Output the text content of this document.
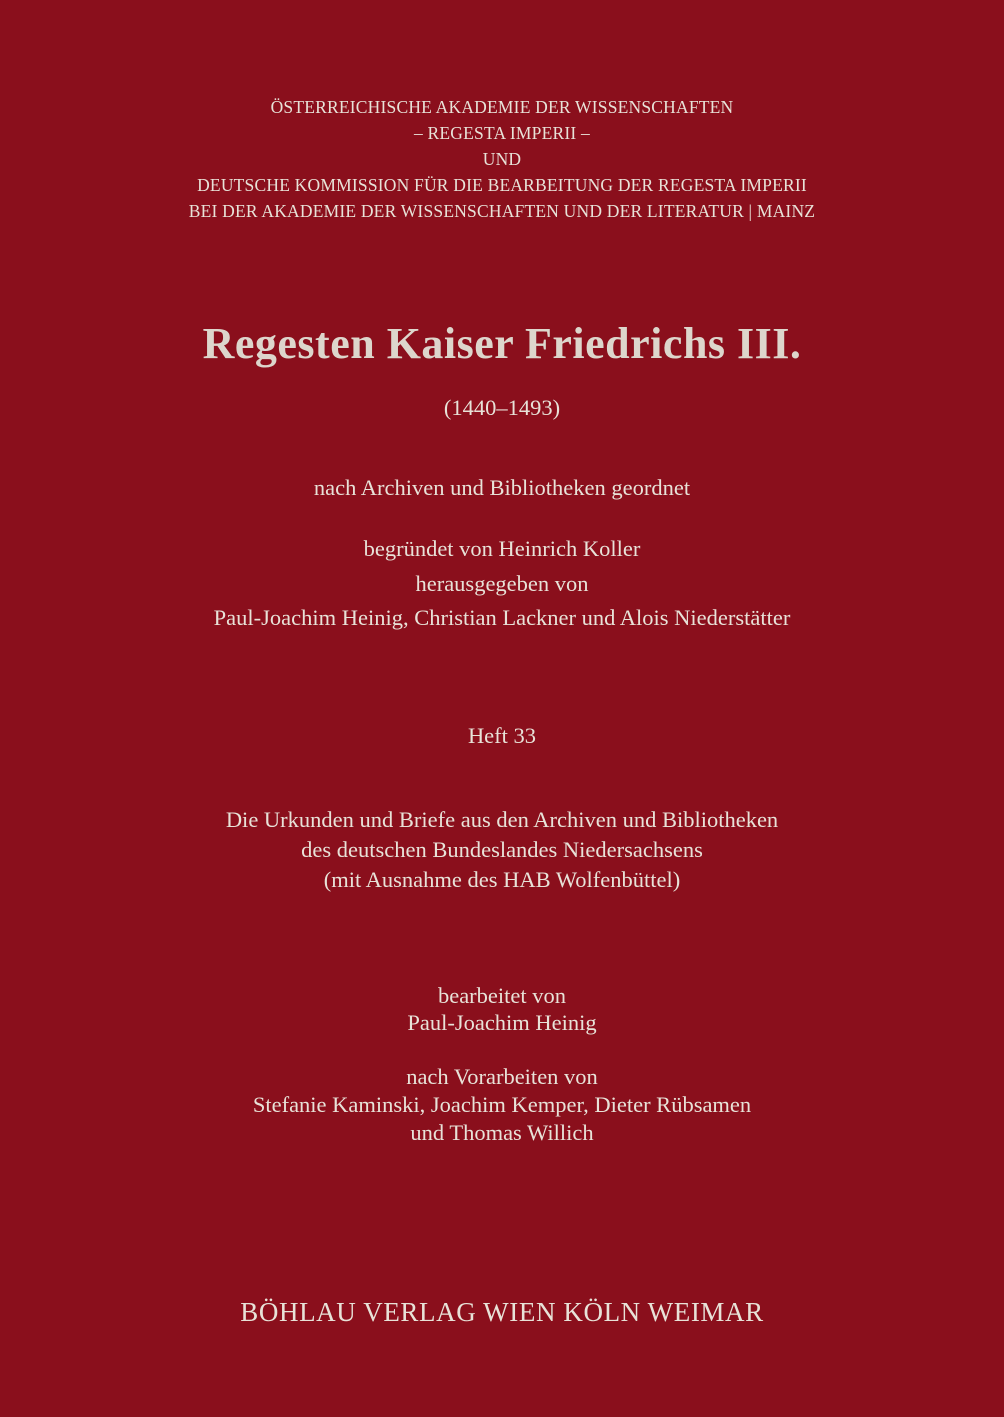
ÖSTERREICHISCHE AKADEMIE DER WISSENSCHAFTEN
– REGESTA IMPERII –
UND
DEUTSCHE KOMMISSION FÜR DIE BEARBEITUNG DER REGESTA IMPERII
BEI DER AKADEMIE DER WISSENSCHAFTEN UND DER LITERATUR | MAINZ
Regesten Kaiser Friedrichs III.
(1440–1493)
nach Archiven und Bibliotheken geordnet
begründet von Heinrich Koller
herausgegeben von
Paul-Joachim Heinig, Christian Lackner und Alois Niederstätter
Heft 33
Die Urkunden und Briefe aus den Archiven und Bibliotheken
des deutschen Bundeslandes Niedersachsens
(mit Ausnahme des HAB Wolfenbüttel)
bearbeitet von
Paul-Joachim Heinig
nach Vorarbeiten von
Stefanie Kaminski, Joachim Kemper, Dieter Rübsamen
und Thomas Willich
BÖHLAU VERLAG WIEN KÖLN WEIMAR
